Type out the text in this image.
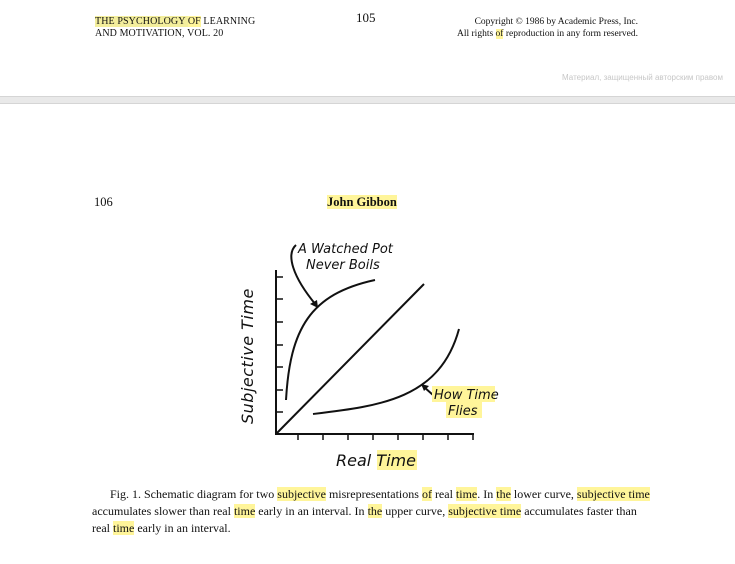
THE PSYCHOLOGY OF LEARNING
AND MOTIVATION, VOL. 20
105	Copyright © 1986 by Academic Press, Inc.
All rights of reproduction in any form reserved.
Материал, защищенный авторским правом
106	John Gibbon
A Watched Pot
Never Boils
How Time
Flies
Subjective Time
Real Time
Fig. 1. Schematic diagram for two subjective misrepresentations of real time. In the lower curve, subjective time accumulates slower than real time early in an interval. In the upper curve, subjective time accumulates faster than real time early in an interval.
